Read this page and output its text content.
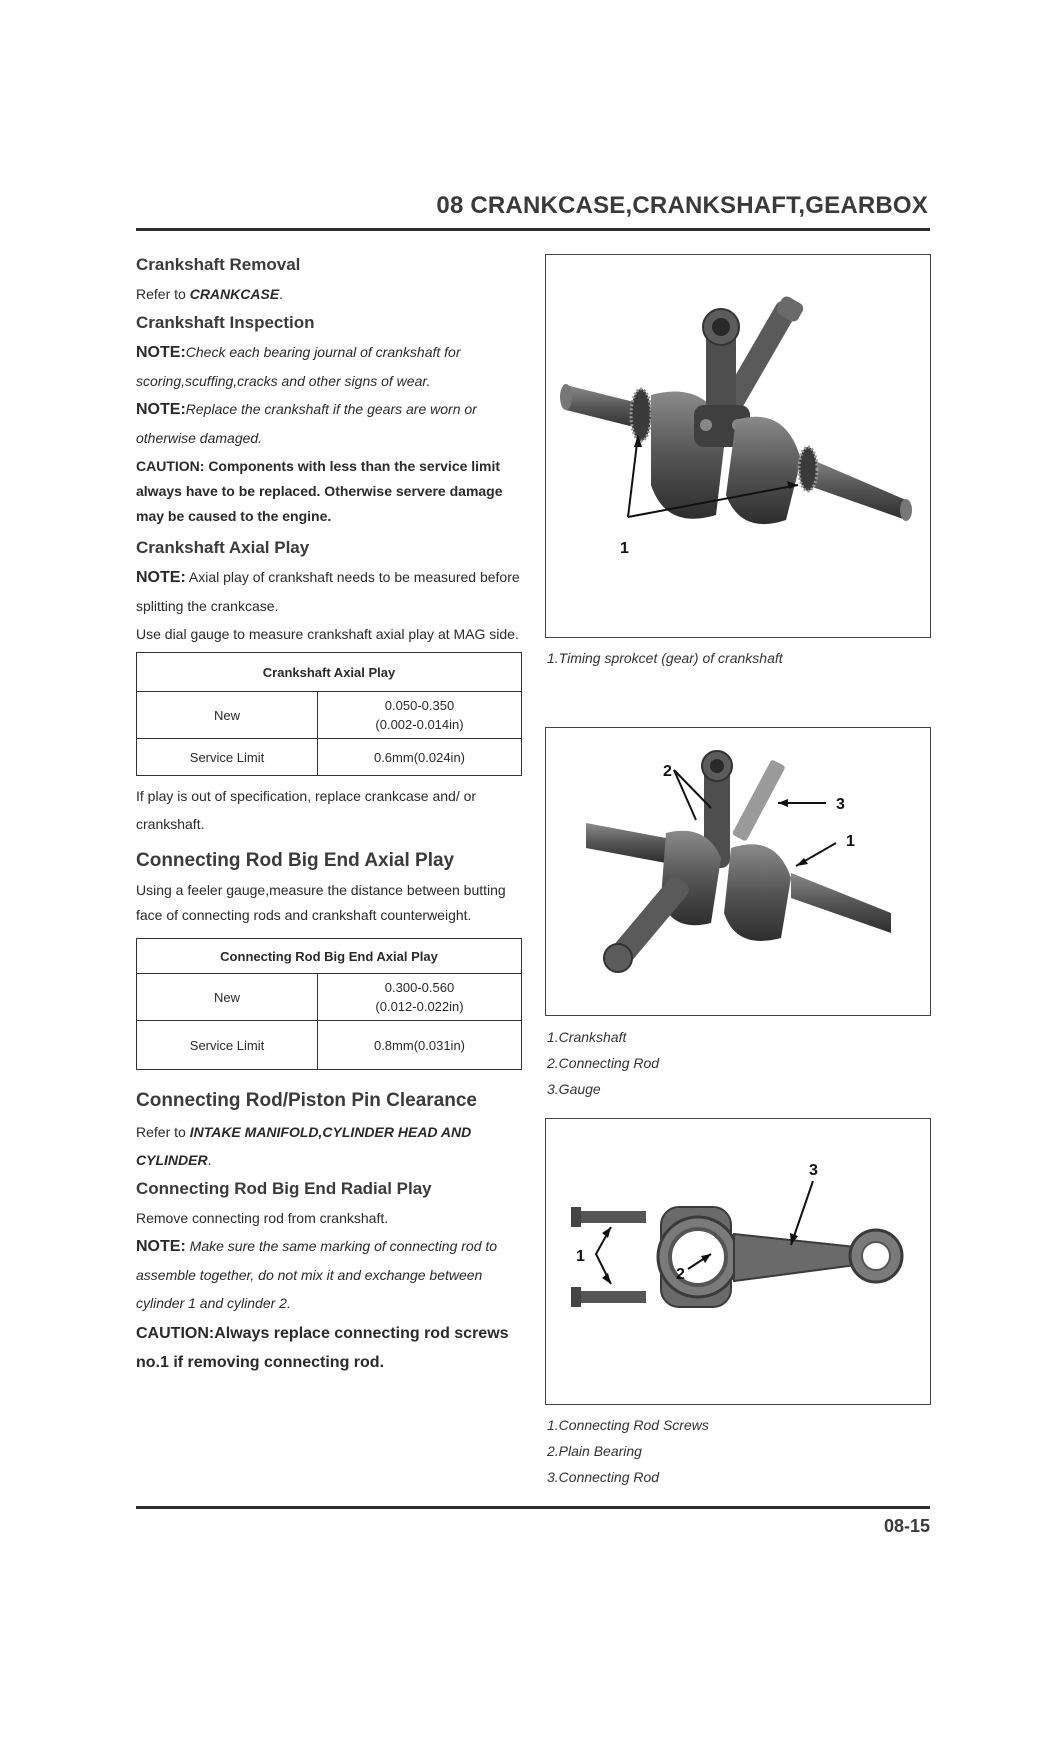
08 CRANKCASE,CRANKSHAFT,GEARBOX

Crankshaft Removal

Refer to CRANKCASE.

Crankshaft Inspection

NOTE:Check each bearing journal of crankshaft for scoring,scuffing,cracks and other signs of wear.

NOTE:Replace the crankshaft if the gears are worn or otherwise damaged.

CAUTION: Components with less than the service limit always have to be replaced. Otherwise servere damage may be caused to the engine.

Crankshaft Axial Play

NOTE: Axial play of crankshaft needs to be measured before splitting the crankcase.

Use dial gauge to measure crankshaft axial play at MAG side.

Crankshaft Axial Play	
New	0.050-0.350
(0.002-0.014in)
Service Limit	0.6mm(0.024in)

If play is out of specification, replace crankcase and/ or crankshaft.

Connecting Rod Big End Axial Play

Using a feeler gauge,measure the distance between butting face of connecting rods and crankshaft counterweight.

Connecting Rod Big End Axial Play	
New	0.300-0.560
(0.012-0.022in)
Service Limit	0.8mm(0.031in)

Connecting Rod/Piston Pin Clearance

Refer to INTAKE MANIFOLD,CYLINDER HEAD AND CYLINDER.

Connecting Rod Big End Radial Play

Remove connecting rod from crankshaft.

NOTE: Make sure the same marking of connecting rod to assemble together, do not mix it and exchange between cylinder 1 and cylinder 2.

CAUTION:Always replace connecting rod screws no.1 if removing connecting rod.

1
1.Timing sprokcet (gear) of crankshaft
2
3
1
1.Crankshaft
2.Connecting Rod
3.Gauge
1
2
3
1.Connecting Rod Screws
2.Plain Bearing
3.Connecting Rod
08-15
